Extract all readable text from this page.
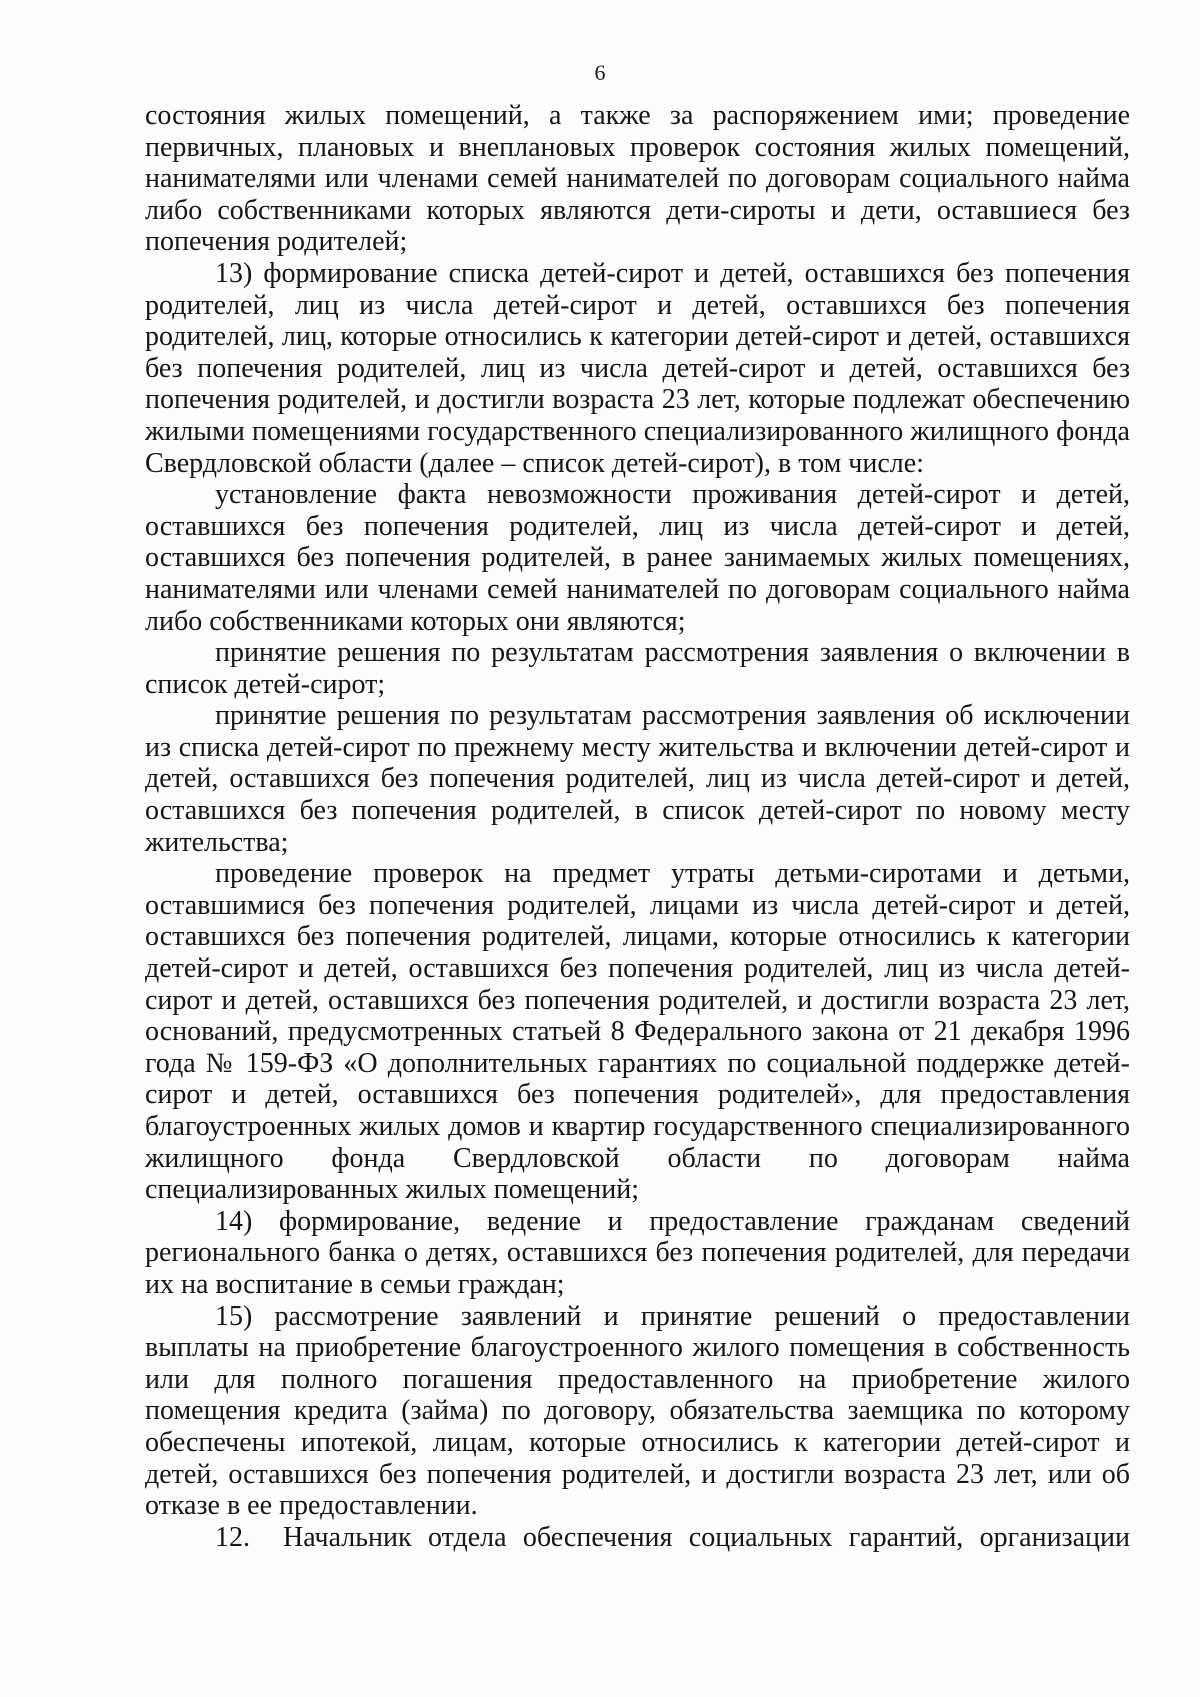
6

состояния жилых помещений, а также за распоряжением ими; проведение первичных, плановых и внеплановых проверок состояния жилых помещений, нанимателями или членами семей нанимателей по договорам социального найма либо собственниками которых являются дети-сироты и дети, оставшиеся без попечения родителей;

13) формирование списка детей-сирот и детей, оставшихся без попечения родителей, лиц из числа детей-сирот и детей, оставшихся без попечения родителей, лиц, которые относились к категории детей-сирот и детей, оставшихся без попечения родителей, лиц из числа детей-сирот и детей, оставшихся без попечения родителей, и достигли возраста 23 лет, которые подлежат обеспечению жилыми помещениями государственного специализированного жилищного фонда Свердловской области (далее – список детей-сирот), в том числе:

установление факта невозможности проживания детей-сирот и детей, оставшихся без попечения родителей, лиц из числа детей-сирот и детей, оставшихся без попечения родителей, в ранее занимаемых жилых помещениях, нанимателями или членами семей нанимателей по договорам социального найма либо собственниками которых они являются;

принятие решения по результатам рассмотрения заявления о включении в список детей-сирот;

принятие решения по результатам рассмотрения заявления об исключении из списка детей-сирот по прежнему месту жительства и включении детей-сирот и детей, оставшихся без попечения родителей, лиц из числа детей-сирот и детей, оставшихся без попечения родителей, в список детей-сирот по новому месту жительства;

проведение проверок на предмет утраты детьми-сиротами и детьми, оставшимися без попечения родителей, лицами из числа детей-сирот и детей, оставшихся без попечения родителей, лицами, которые относились к категории детей-сирот и детей, оставшихся без попечения родителей, лиц из числа детей-сирот и детей, оставшихся без попечения родителей, и достигли возраста 23 лет, оснований, предусмотренных статьей 8 Федерального закона от 21 декабря 1996 года № 159-ФЗ «О дополнительных гарантиях по социальной поддержке детей-сирот и детей, оставшихся без попечения родителей», для предоставления благоустроенных жилых домов и квартир государственного специализированного жилищного фонда Свердловской области по договорам найма специализированных жилых помещений;

14) формирование, ведение и предоставление гражданам сведений регионального банка о детях, оставшихся без попечения родителей, для передачи их на воспитание в семьи граждан;

15) рассмотрение заявлений и принятие решений о предоставлении выплаты на приобретение благоустроенного жилого помещения в собственность или для полного погашения предоставленного на приобретение жилого помещения кредита (займа) по договору, обязательства заемщика по которому обеспечены ипотекой, лицам, которые относились к категории детей-сирот и детей, оставшихся без попечения родителей, и достигли возраста 23 лет, или об отказе в ее предоставлении.

12. Начальник отдела обеспечения социальных гарантий, организации
